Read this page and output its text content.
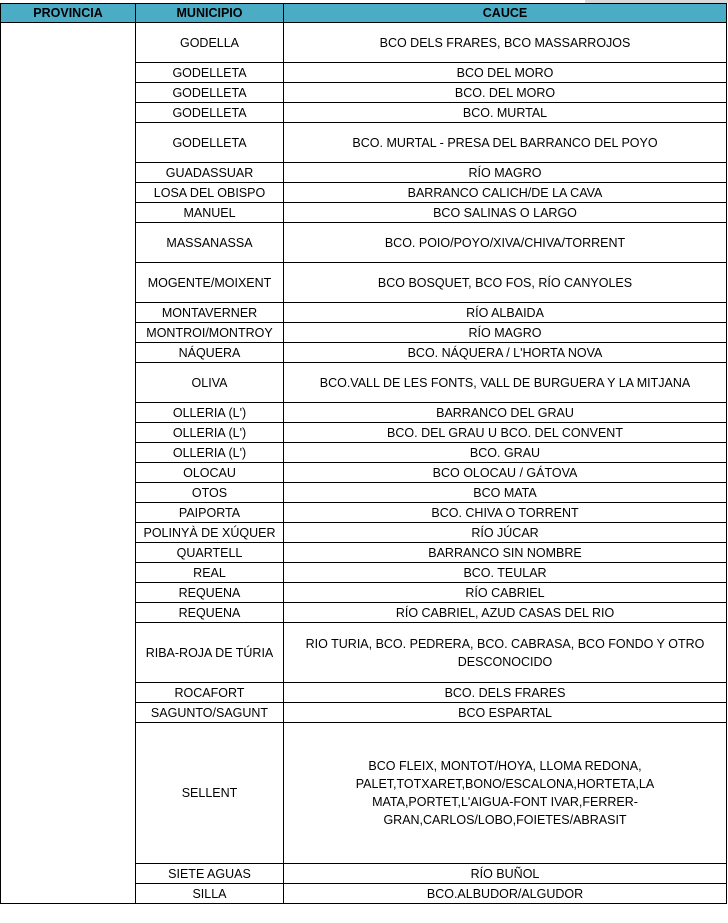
PROVINCIA	MUNICIPIO	CAUCE
	GODELLA	BCO DELS FRARES, BCO MASSARROJOS
	GODELLETA	BCO DEL MORO
	GODELLETA	BCO. DEL MORO
	GODELLETA	BCO. MURTAL
	GODELLETA	BCO. MURTAL - PRESA DEL BARRANCO DEL POYO
	GUADASSUAR	RÍO MAGRO
	LOSA DEL OBISPO	BARRANCO CALICH/DE LA CAVA
	MANUEL	BCO SALINAS O LARGO
	MASSANASSA	BCO. POIO/POYO/XIVA/CHIVA/TORRENT
	MOGENTE/MOIXENT	BCO BOSQUET, BCO FOS, RÍO CANYOLES
	MONTAVERNER	RÍO ALBAIDA
	MONTROI/MONTROY	RÍO MAGRO
	NÁQUERA	BCO. NÁQUERA / L'HORTA NOVA
	OLIVA	BCO.VALL DE LES FONTS, VALL DE BURGUERA Y LA MITJANA
	OLLERIA (L')	BARRANCO DEL GRAU
	OLLERIA (L')	BCO. DEL GRAU U BCO. DEL CONVENT
	OLLERIA (L')	BCO. GRAU
	OLOCAU	BCO OLOCAU / GÁTOVA
	OTOS	BCO MATA
	PAIPORTA	BCO. CHIVA O TORRENT
	POLINYÀ DE XÚQUER	RÍO JÚCAR
	QUARTELL	BARRANCO SIN NOMBRE
	REAL	BCO. TEULAR
	REQUENA	RÍO CABRIEL
	REQUENA	RÍO CABRIEL, AZUD CASAS DEL RIO
	RIBA-ROJA DE TÚRIA	RIO TURIA, BCO. PEDRERA, BCO. CABRASA, BCO FONDO Y OTRO DESCONOCIDO
	ROCAFORT	BCO. DELS FRARES
	SAGUNTO/SAGUNT	BCO ESPARTAL
	SELLENT	BCO FLEIX, MONTOT/HOYA, LLOMA REDONA, PALET,TOTXARET,BONO/ESCALONA,HORTETA,LA MATA,PORTET,L'AIGUA-FONT IVAR,FERRER-GRAN,CARLOS/LOBO,FOIETES/ABRASIT
	SIETE AGUAS	RÍO BUÑOL
	SILLA	BCO.ALBUDOR/ALGUDOR
